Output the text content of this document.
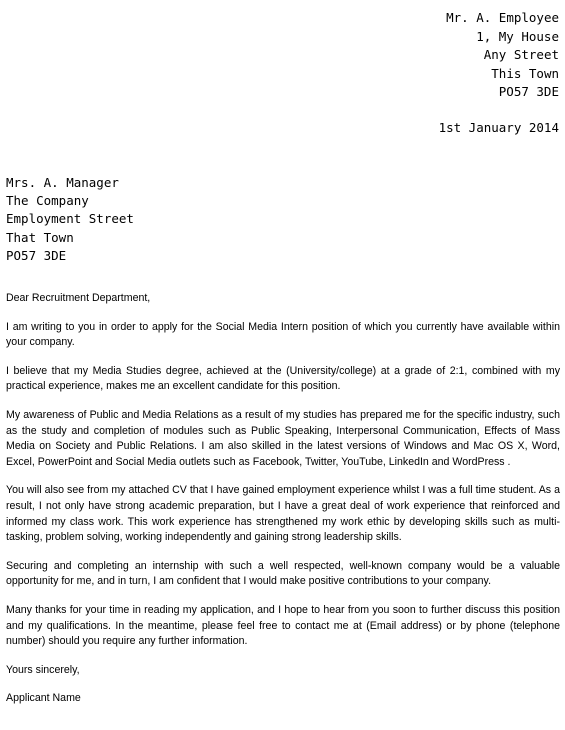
Mr. A. Employee
1, My House
Any Street
This Town
PO57 3DE
1st January 2014
Mrs. A. Manager
The Company
Employment Street
That Town
PO57 3DE

Dear Recruitment Department,

I am writing to you in order to apply for the Social Media Intern position of which you currently have available within your company.

I believe that my Media Studies degree, achieved at the (University/college) at a grade of 2:1, combined with my practical experience, makes me an excellent candidate for this position.

My awareness of Public and Media Relations as a result of my studies has prepared me for the specific industry, such as the study and completion of modules such as Public Speaking, Interpersonal Communication, Effects of Mass Media on Society and Public Relations. I am also skilled in the latest versions of Windows and Mac OS X, Word, Excel, PowerPoint and Social Media outlets such as Facebook, Twitter, YouTube, LinkedIn and WordPress .

You will also see from my attached CV that I have gained employment experience whilst I was a full time student. As a result, I not only have strong academic preparation, but I have a great deal of work experience that reinforced and informed my class work. This work experience has strengthened my work ethic by developing skills such as multi-tasking, problem solving, working independently and gaining strong leadership skills.

Securing and completing an internship with such a well respected, well-known company would be a valuable opportunity for me, and in turn, I am confident that I would make positive contributions to your company.

Many thanks for your time in reading my application, and I hope to hear from you soon to further discuss this position and my qualifications. In the meantime, please feel free to contact me at (Email address) or by phone (telephone number) should you require any further information.

Yours sincerely,

Applicant Name
